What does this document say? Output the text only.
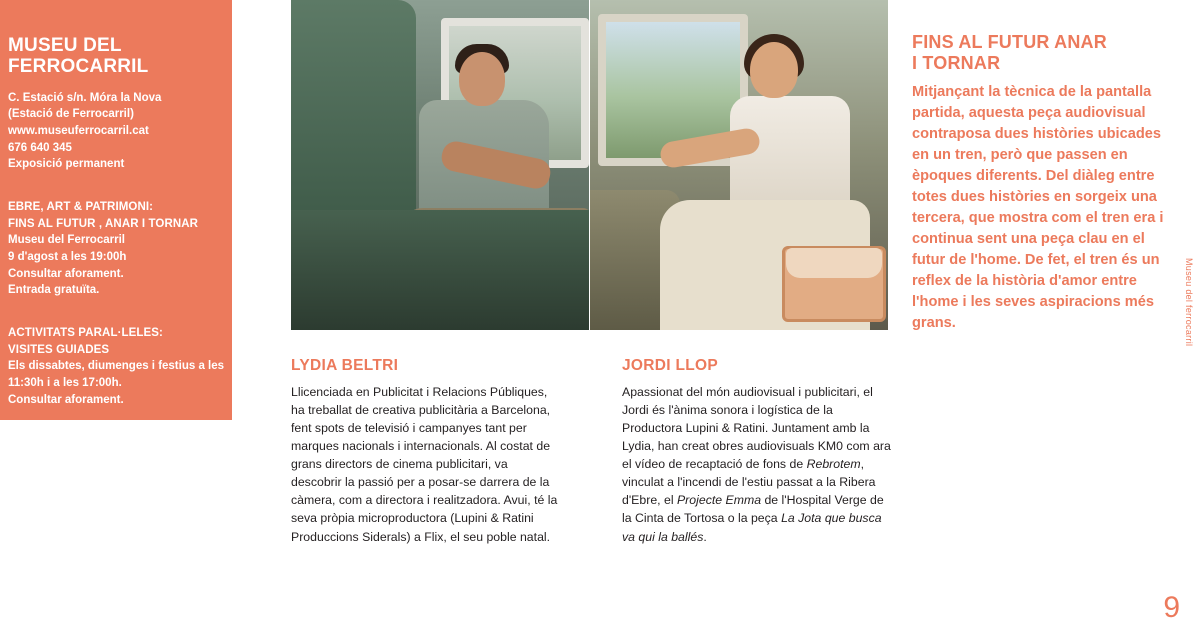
MUSEU DEL
FERROCARRIL
C. Estació s/n. Móra la Nova
(Estació de Ferrocarril)
www.museuferrocarril.cat
676 640 345
Exposició permanent
EBRE, ART & PATRIMONI:
FINS AL FUTUR , ANAR I TORNAR
Museu del Ferrocarril
9 d'agost a les 19:00h
Consultar aforament.
Entrada gratuïta.
ACTIVITATS PARAL·LELES:
VISITES GUIADES
Els dissabtes, diumenges i festius a les
11:30h i a les 17:00h.
Consultar aforament.
FINS AL FUTUR ANAR
I TORNAR
Mitjançant la tècnica de la pantalla partida, aquesta peça audiovisual contraposa dues històries ubicades en un tren, però que passen en èpoques diferents. Del diàleg entre totes dues històries en sorgeix una tercera, que mostra com el tren era i continua sent una peça clau en el futur de l'home. De fet, el tren és un reflex de la història d'amor entre l'home i les seves aspiracions més grans.
LYDIA BELTRI
Llicenciada en Publicitat i Relacions Públiques, ha treballat de creativa publicitària a Barcelona, fent spots de televisió i campanyes tant per marques nacionals i internacionals. Al costat de grans directors de cinema publicitari, va descobrir la passió per a posar-se darrera de la càmera, com a directora i realitzadora. Avui, té la seva pròpia microproductora (Lupini & Ratini Produccions Siderals) a Flix, el seu poble natal.
JORDI LLOP
Apassionat del món audiovisual i publicitari, el Jordi és l'ànima sonora i logística de la Productora Lupini & Ratini. Juntament amb la Lydia, han creat obres audiovisuals KM0 com ara el vídeo de recaptació de fons de Rebrotem, vinculat a l'incendi de l'estiu passat a la Ribera d'Ebre, el Projecte Emma de l'Hospital Verge de la Cinta de Tortosa o la peça La Jota que busca va qui la ballés.
Museu del ferrocarril
9
